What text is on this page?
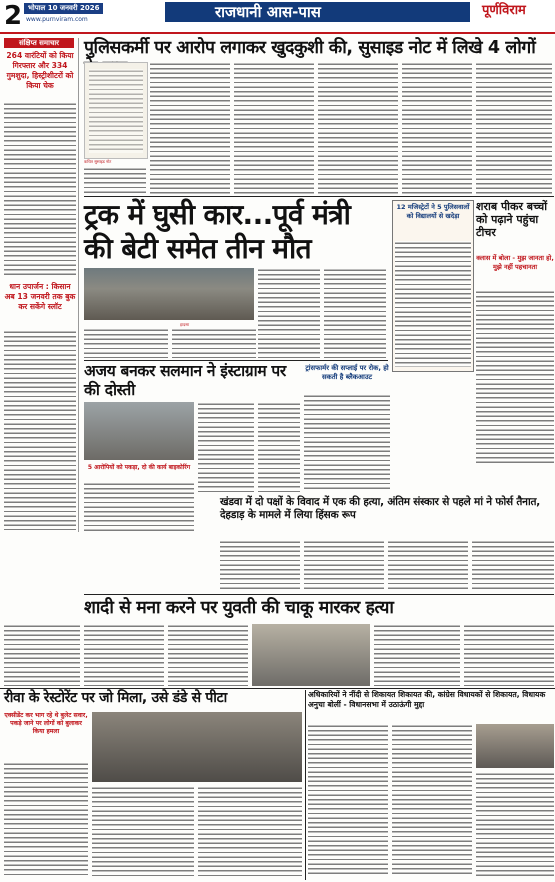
2 भोपाल 10 जनवरी 2026
www.purnviram.com	राजधानी आस-पास	पूर्णविराम
पुलिसकर्मी पर आरोप लगाकर खुदकुशी की, सुसाइड नोट में लिखे 4 लोगों
संक्षिप्त समाचार
264 वारंटियों को किया गिरफ्तार और 334 गुमशुदा, हिस्ट्रीशीटरों को किया चेक
धान उपार्जन : किसान अब 13 जनवरी तक बुक कर सकेंगे स्लॉट
कथित सुसाइड नोट
ट्रक में घुसी कार...पूर्व मंत्री की बेटी समेत तीन मौत
हादसा
12 मजिस्ट्रेटों ने 5 पुलिसवालों को विद्यालयों से खदेड़ा
शराब पीकर बच्चों को पढ़ाने पहुंचा टीचर
क्लास में बोला - मुझ जानता हो, मुझे नहीं पहचानता
अजय बनकर सलमान ने इंस्टाग्राम पर की दोस्ती
5 आरोपियों को पकड़ा, दो की कार्य बाइकोरिंग
ट्रांसफार्मर की सप्लाई पर रोक, हो सकती है ब्लैकआउट
खंडवा में दो पक्षों के विवाद में एक की हत्या, अंतिम संस्कार से पहले मां ने फोर्स तैनात, देहडाड़ के मामले में लिया हिंसक रूप
शादी से मना करने पर युवती की चाकू मारकर हत्या
रीवा के रेस्टोरेंट पर जो मिला, उसे डंडे से पीटा
एक्सीडेंट कर भाग रहे थे बुलेट सवार, पकड़े जाने पर लोगों को बुलाकर किया हमला
अधिकारियों ने नींदी से शिकायत शिकायत की, कांग्रेस विधायकों से शिकायत, विधायक अनुचा बोलीं - विधानसभा में उठाऊंगी मुद्दा
